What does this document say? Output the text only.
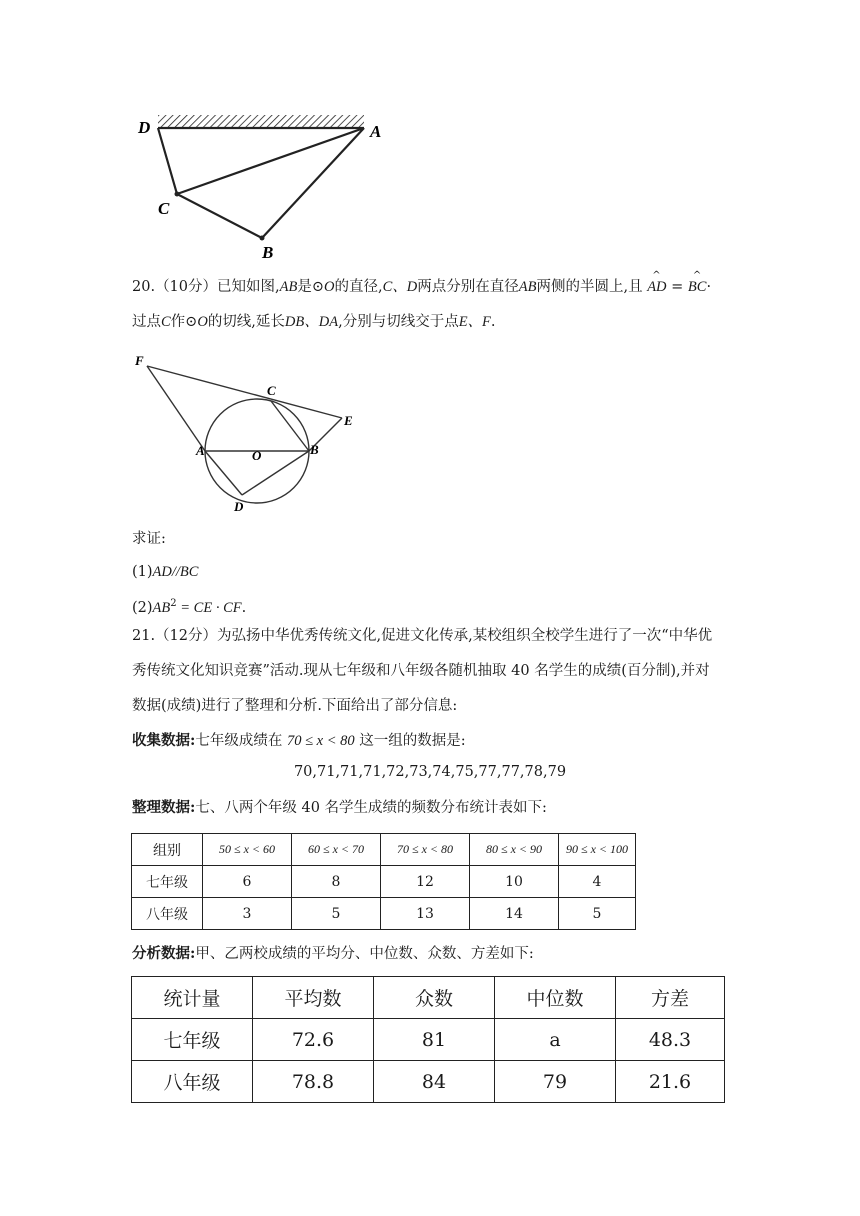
D	A
C
B
20.（10分）已知如图,AB是⊙O的直径,C、D两点分别在直径AB两侧的半圆上,且
^
AD =
^
BC·
过点C作⊙O的切线,延长DB、DA,分别与切线交于点E、F.
F
C
E
A	O	B
D
求证:
(1)AD//BC
$(2)AB^2$ = CE · CF.
21.（12分）为弘扬中华优秀传统文化,促进文化传承,某校组织全校学生进行了一次“中华优
秀传统文化知识竞赛”活动.现从七年级和八年级各随机抽取 40 名学生的成绩(百分制),并对
数据(成绩)进行了整理和分析.下面给出了部分信息:
收集数据:七年级成绩在 70 ≤ x < 80 这一组的数据是:
70,71,71,71,72,73,74,75,77,77,78,79
整理数据:七、八两个年级 40 名学生成绩的频数分布统计表如下:
组别	50 ≤ x < 60	60 ≤ x < 70	70 ≤ x < 80	80 ≤ x < 90	90 ≤ x < 100
七年级	6	8	12	10	4
八年级	3	5	13	14	5
分析数据:甲、乙两校成绩的平均分、中位数、众数、方差如下:
统计量	平均数	众数	中位数	方差
七年级	72.6	81	a	48.3
八年级	78.8	84	79	21.6
